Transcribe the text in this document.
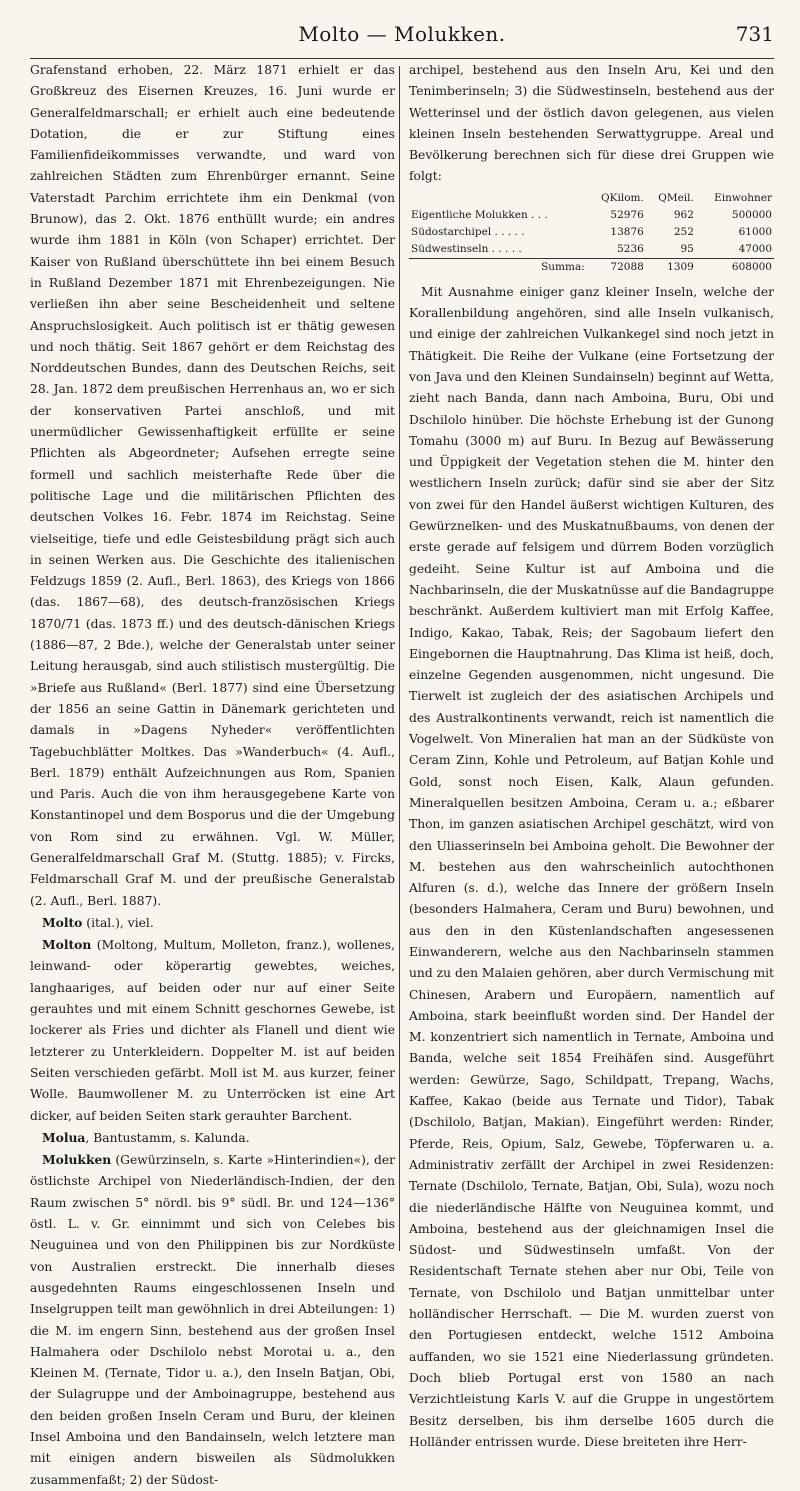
Molto — Molukken.	731

Grafenstand erhoben, 22. März 1871 erhielt er das Großkreuz des Eisernen Kreuzes, 16. Juni wurde er Generalfeldmarschall; er erhielt auch eine bedeutende Dotation, die er zur Stiftung eines Familienfideikommisses verwandte, und ward von zahlreichen Städten zum Ehrenbürger ernannt. Seine Vaterstadt Parchim errichtete ihm ein Denkmal (von Brunow), das 2. Okt. 1876 enthüllt wurde; ein andres wurde ihm 1881 in Köln (von Schaper) errichtet. Der Kaiser von Rußland überschüttete ihn bei einem Besuch in Rußland Dezember 1871 mit Ehrenbezeigungen. Nie verließen ihn aber seine Bescheidenheit und seltene Anspruchslosigkeit. Auch politisch ist er thätig gewesen und noch thätig. Seit 1867 gehört er dem Reichstag des Norddeutschen Bundes, dann des Deutschen Reichs, seit 28. Jan. 1872 dem preußischen Herrenhaus an, wo er sich der konservativen Partei anschloß, und mit unermüdlicher Gewissenhaftigkeit erfüllte er seine Pflichten als Abgeordneter; Aufsehen erregte seine formell und sachlich meisterhafte Rede über die politische Lage und die militärischen Pflichten des deutschen Volkes 16. Febr. 1874 im Reichstag. Seine vielseitige, tiefe und edle Geistesbildung prägt sich auch in seinen Werken aus. Die Geschichte des italienischen Feldzugs 1859 (2. Aufl., Berl. 1863), des Kriegs von 1866 (das. 1867—68), des deutsch-französischen Kriegs 1870/71 (das. 1873 ff.) und des deutsch-dänischen Kriegs (1886—87, 2 Bde.), welche der Generalstab unter seiner Leitung herausgab, sind auch stilistisch mustergültig. Die »Briefe aus Rußland« (Berl. 1877) sind eine Übersetzung der 1856 an seine Gattin in Dänemark gerichteten und damals in »Dagens Nyheder« veröffentlichten Tagebuchblätter Moltkes. Das »Wanderbuch« (4. Aufl., Berl. 1879) enthält Aufzeichnungen aus Rom, Spanien und Paris. Auch die von ihm herausgegebene Karte von Konstantinopel und dem Bosporus und die der Umgebung von Rom sind zu erwähnen. Vgl. W. Müller, Generalfeldmarschall Graf M. (Stuttg. 1885); v. Fircks, Feldmarschall Graf M. und der preußische Generalstab (2. Aufl., Berl. 1887).

Molto (ital.), viel.

Molton (Moltong, Multum, Molleton, franz.), wollenes, leinwand- oder köperartig gewebtes, weiches, langhaariges, auf beiden oder nur auf einer Seite gerauhtes und mit einem Schnitt geschornes Gewebe, ist lockerer als Fries und dichter als Flanell und dient wie letzterer zu Unterkleidern. Doppelter M. ist auf beiden Seiten verschieden gefärbt. Moll ist M. aus kurzer, feiner Wolle. Baumwollener M. zu Unterröcken ist eine Art dicker, auf beiden Seiten stark gerauhter Barchent.

Molua, Bantustamm, s. Kalunda.

Molukken (Gewürzinseln, s. Karte »Hinterindien«), der östlichste Archipel von Niederländisch-Indien, der den Raum zwischen 5° nördl. bis 9° südl. Br. und 124—136° östl. L. v. Gr. einnimmt und sich von Celebes bis Neuguinea und von den Philippinen bis zur Nordküste von Australien erstreckt. Die innerhalb dieses ausgedehnten Raums eingeschlossenen Inseln und Inselgruppen teilt man gewöhnlich in drei Abteilungen: 1) die M. im engern Sinn, bestehend aus der großen Insel Halmahera oder Dschilolo nebst Morotai u. a., den Kleinen M. (Ternate, Tidor u. a.), den Inseln Batjan, Obi, der Sulagruppe und der Amboinagruppe, bestehend aus den beiden großen Inseln Ceram und Buru, der kleinen Insel Amboina und den Bandainseln, welch letztere man mit einigen andern bisweilen als Südmolukken zusammenfaßt; 2) der Südost-

archipel, bestehend aus den Inseln Aru, Kei und den Tenimberinseln; 3) die Südwestinseln, bestehend aus der Wetterinsel und der östlich davon gelegenen, aus vielen kleinen Inseln bestehenden Serwattygruppe. Areal und Bevölkerung berechnen sich für diese drei Gruppen wie folgt:

	QKilom.	QMeil.	Einwohner
Eigentliche Molukken . . .	52976	962	500000
Südostarchipel . . . . .	13876	252	61000
Südwestinseln . . . . .	5236	95	47000
Summa:	72088	1309	608000

Mit Ausnahme einiger ganz kleiner Inseln, welche der Korallenbildung angehören, sind alle Inseln vulkanisch, und einige der zahlreichen Vulkankegel sind noch jetzt in Thätigkeit. Die Reihe der Vulkane (eine Fortsetzung der von Java und den Kleinen Sundainseln) beginnt auf Wetta, zieht nach Banda, dann nach Amboina, Buru, Obi und Dschilolo hinüber. Die höchste Erhebung ist der Gunong Tomahu (3000 m) auf Buru. In Bezug auf Bewässerung und Üppigkeit der Vegetation stehen die M. hinter den westlichern Inseln zurück; dafür sind sie aber der Sitz von zwei für den Handel äußerst wichtigen Kulturen, des Gewürznelken- und des Muskatnußbaums, von denen der erste gerade auf felsigem und dürrem Boden vorzüglich gedeiht. Seine Kultur ist auf Amboina und die Nachbarinseln, die der Muskatnüsse auf die Bandagruppe beschränkt. Außerdem kultiviert man mit Erfolg Kaffee, Indigo, Kakao, Tabak, Reis; der Sagobaum liefert den Eingebornen die Hauptnahrung. Das Klima ist heiß, doch, einzelne Gegenden ausgenommen, nicht ungesund. Die Tierwelt ist zugleich der des asiatischen Archipels und des Australkontinents verwandt, reich ist namentlich die Vogelwelt. Von Mineralien hat man an der Südküste von Ceram Zinn, Kohle und Petroleum, auf Batjan Kohle und Gold, sonst noch Eisen, Kalk, Alaun gefunden. Mineralquellen besitzen Amboina, Ceram u. a.; eßbarer Thon, im ganzen asiatischen Archipel geschätzt, wird von den Uliasserinseln bei Amboina geholt. Die Bewohner der M. bestehen aus den wahrscheinlich autochthonen Alfuren (s. d.), welche das Innere der größern Inseln (besonders Halmahera, Ceram und Buru) bewohnen, und aus den in den Küstenlandschaften angesessenen Einwanderern, welche aus den Nachbarinseln stammen und zu den Malaien gehören, aber durch Vermischung mit Chinesen, Arabern und Europäern, namentlich auf Amboina, stark beeinflußt worden sind. Der Handel der M. konzentriert sich namentlich in Ternate, Amboina und Banda, welche seit 1854 Freihäfen sind. Ausgeführt werden: Gewürze, Sago, Schildpatt, Trepang, Wachs, Kaffee, Kakao (beide aus Ternate und Tidor), Tabak (Dschilolo, Batjan, Makian). Eingeführt werden: Rinder, Pferde, Reis, Opium, Salz, Gewebe, Töpferwaren u. a. Administrativ zerfällt der Archipel in zwei Residenzen: Ternate (Dschilolo, Ternate, Batjan, Obi, Sula), wozu noch die niederländische Hälfte von Neuguinea kommt, und Amboina, bestehend aus der gleichnamigen Insel die Südost- und Südwestinseln umfaßt. Von der Residentschaft Ternate stehen aber nur Obi, Teile von Ternate, von Dschilolo und Batjan unmittelbar unter holländischer Herrschaft. — Die M. wurden zuerst von den Portugiesen entdeckt, welche 1512 Amboina auffanden, wo sie 1521 eine Niederlassung gründeten. Doch blieb Portugal erst von 1580 an nach Verzichtleistung Karls V. auf die Gruppe in ungestörtem Besitz derselben, bis ihm derselbe 1605 durch die Holländer entrissen wurde. Diese breiteten ihre Herr-
